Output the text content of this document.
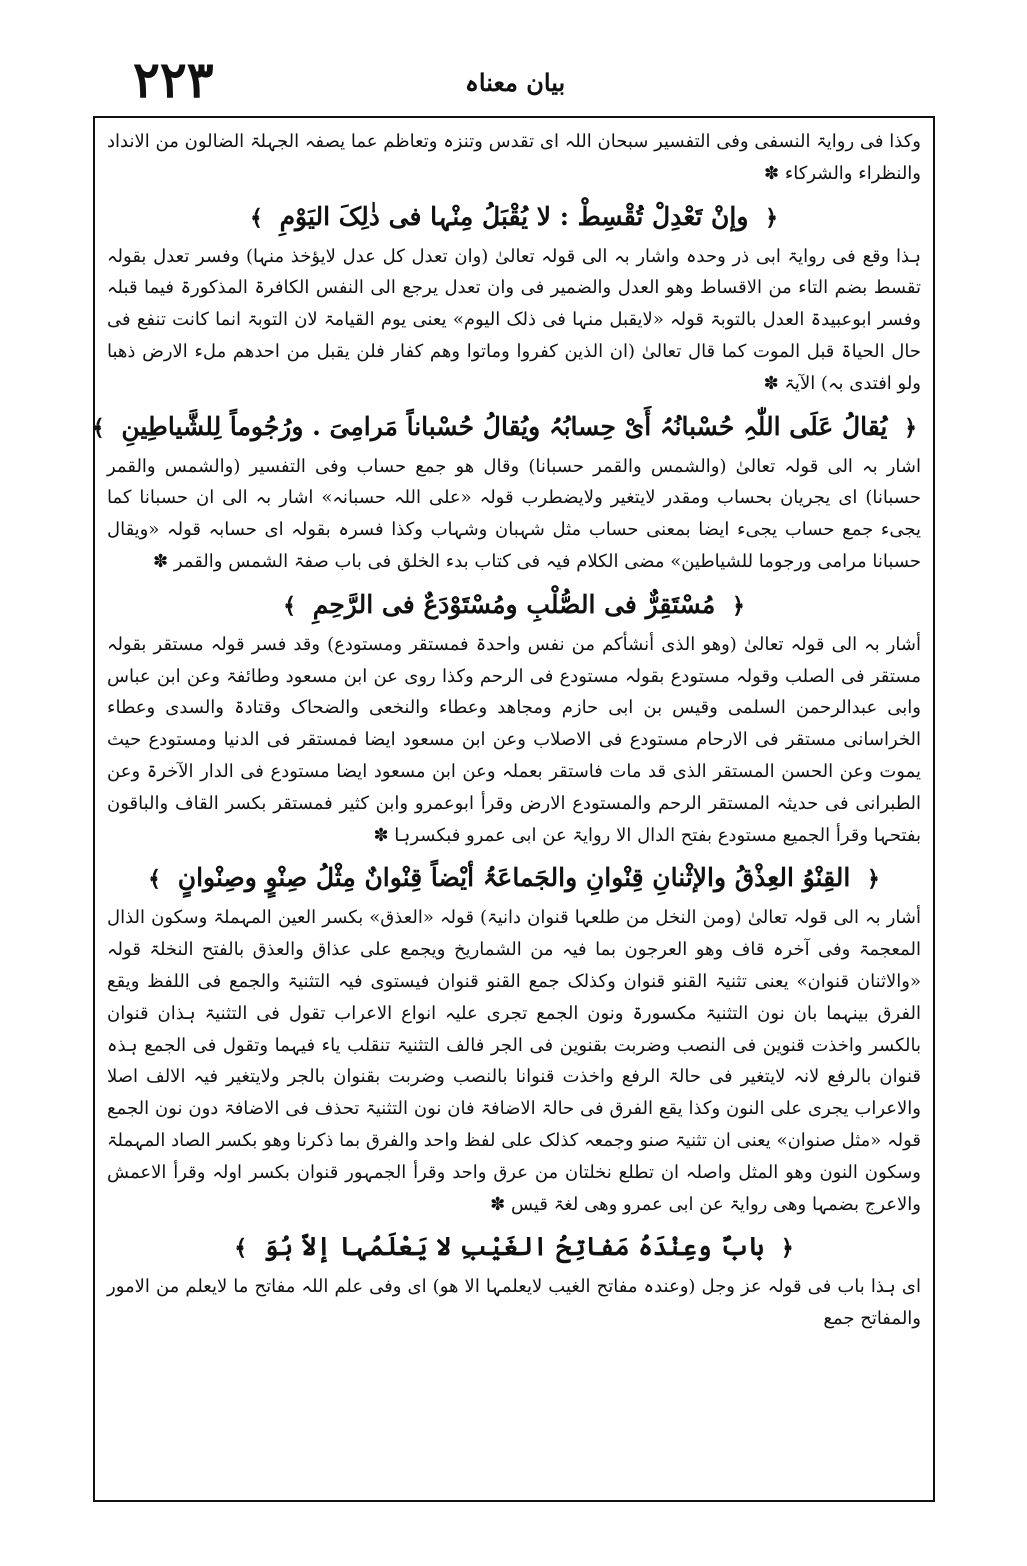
۲۲۳	بیان معناہ

وکذا فی روایۃ النسفی وفی التفسیر سبحان اللہ ای تقدس وتنزہ وتعاظم عما یصفہ الجہلۃ الضالون من الانداد والنظراء والشرکاء ✽

﴿ وإنْ تَعْدِلْ تُقْسِطْ : لا یُقْبَلُ مِنْہا فی ذٰلِکَ الیَوْمِ ﴾

ہذا وقع فی روایۃ ابی ذر وحدہ واشار بہ الی قولہ تعالیٰ (وان تعدل کل عدل لایؤخذ منہا) وفسر تعدل بقولہ تقسط بضم التاء من الاقساط وھو العدل والضمیر فی وان تعدل یرجع الی النفس الکافرۃ المذکورۃ فیما قبلہ وفسر ابوعبیدۃ العدل بالتوبۃ قولہ «لایقبل منہا فی ذلک الیوم» یعنی یوم القیامۃ لان التوبۃ انما کانت تنفع فی حال الحیاۃ قبل الموت کما قال تعالیٰ (ان الذین کفروا وماتوا وھم کفار فلن یقبل من احدھم ملء الارض ذھبا ولو افتدی بہ) الآیۃ ✽

﴿ یُقالُ عَلَی اللّٰہِ حُسْبانُہُ أَیْ حِسابُہُ ویُقالُ حُسْباناً مَرامِیَ . ورُجُوماً لِلشَّیاطِینِ ﴾

اشار بہ الی قولہ تعالیٰ (والشمس والقمر حسبانا) وقال ھو جمع حساب وفی التفسیر (والشمس والقمر حسبانا) ای یجریان بحساب ومقدر لایتغیر ولایضطرب قولہ «علی اللہ حسبانہ» اشار بہ الی ان حسبانا کما یجیء جمع حساب یجیء ایضا بمعنی حساب مثل شہبان وشہاب وکذا فسرہ بقولہ ای حسابہ قولہ «ویقال حسبانا مرامی ورجوما للشیاطین» مضی الکلام فیہ فی کتاب بدء الخلق فی باب صفۃ الشمس والقمر ✽

﴿ مُسْتَقِرٌّ فی الصُّلْبِ ومُسْتَوْدَعٌ فی الرَّحِمِ ﴾

أشار بہ الی قولہ تعالیٰ (وھو الذی أنشأکم من نفس واحدۃ فمستقر ومستودع) وقد فسر قولہ مستقر بقولہ مستقر فی الصلب وقولہ مستودع بقولہ مستودع فی الرحم وکذا روی عن ابن مسعود وطائفۃ وعن ابن عباس وابی عبدالرحمن السلمی وقیس بن ابی حازم ومجاھد وعطاء والنخعی والضحاک وقتادۃ والسدی وعطاء الخراسانی مستقر فی الارحام مستودع فی الاصلاب وعن ابن مسعود ایضا فمستقر فی الدنیا ومستودع حیث یموت وعن الحسن المستقر الذی قد مات فاستقر بعملہ وعن ابن مسعود ایضا مستودع فی الدار الآخرۃ وعن الطبرانی فی حدیثہ المستقر الرحم والمستودع الارض وقرأ ابوعمرو وابن کثیر فمستقر بکسر القاف والباقون بفتحہا وقرأ الجمیع مستودع بفتح الدال الا روایۃ عن ابی عمرو فبکسرہا ✽

﴿ القِنْوُ العِذْقُ والإثْنانِ قِنْوانِ والجَماعَۃُ أیْضاً قِنْوانٌ مِثْلُ صِنْوٍ وصِنْوانٍ ﴾

أشار بہ الی قولہ تعالیٰ (ومن النخل من طلعہا قنوان دانیۃ) قولہ «العذق» بکسر العین المہملۃ وسکون الذال المعجمۃ وفی آخرہ قاف وھو العرجون بما فیہ من الشماریخ ویجمع علی عذاق والعذق بالفتح النخلۃ قولہ «والاثنان قنوان» یعنی تثنیۃ القنو قنوان وکذلک جمع القنو قنوان فیستوی فیہ التثنیۃ والجمع فی اللفظ ویقع الفرق بینہما بان نون التثنیۃ مکسورۃ ونون الجمع تجری علیہ انواع الاعراب تقول فی التثنیۃ ہذان قنوان بالکسر واخذت قنوین فی النصب وضربت بقنوین فی الجر فالف التثنیۃ تنقلب یاء فیہما وتقول فی الجمع ہذہ قنوان بالرفع لانہ لایتغیر فی حالۃ الرفع واخذت قنوانا بالنصب وضربت بقنوان بالجر ولایتغیر فیہ الالف اصلا والاعراب یجری علی النون وکذا یقع الفرق فی حالۃ الاضافۃ فان نون التثنیۃ تحذف فی الاضافۃ دون نون الجمع قولہ «مثل صنوان» یعنی ان تثنیۃ صنو وجمعہ کذلک علی لفظ واحد والفرق بما ذکرنا وھو بکسر الصاد المہملۃ وسکون النون وھو المثل واصلہ ان تطلع نخلتان من عرق واحد وقرأ الجمہور قنوان بکسر اولہ وقرأ الاعمش والاعرج بضمہا وھی روایۃ عن ابی عمرو وھی لغۃ قیس ✽

﴿ بابٌ وعِنْدَہُ مَفاتِحُ الغَیْبِ لا یَعْلَمُہا إلاّ ہُوَ ﴾

ای ہذا باب فی قولہ عز وجل (وعندہ مفاتح الغیب لایعلمہا الا ھو) ای وفی علم اللہ مفاتح ما لایعلم من الامور والمفاتح جمع
